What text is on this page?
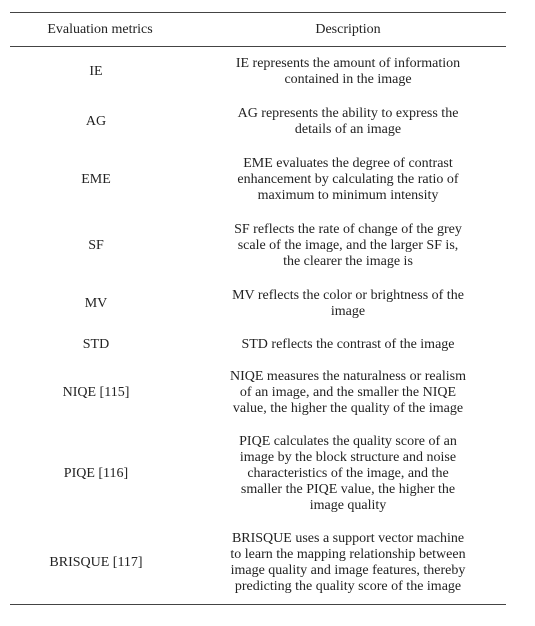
Evaluation metrics	Description
IE	IE represents the amount of information
contained in the image

AG	AG represents the ability to express the
details of an image

EME	EME evaluates the degree of contrast
enhancement by calculating the ratio of
maximum to minimum intensity

SF	SF reflects the rate of change of the grey
scale of the image, and the larger SF is,
the clearer the image is

MV	MV reflects the color or brightness of the
image

STD	STD reflects the contrast of the image

NIQE [115]	NIQE measures the naturalness or realism
of an image, and the smaller the NIQE
value, the higher the quality of the image

PIQE [116]	PIQE calculates the quality score of an
image by the block structure and noise
characteristics of the image, and the
smaller the PIQE value, the higher the
image quality

BRISQUE [117]	BRISQUE uses a support vector machine
to learn the mapping relationship between
image quality and image features, thereby
predicting the quality score of the image
